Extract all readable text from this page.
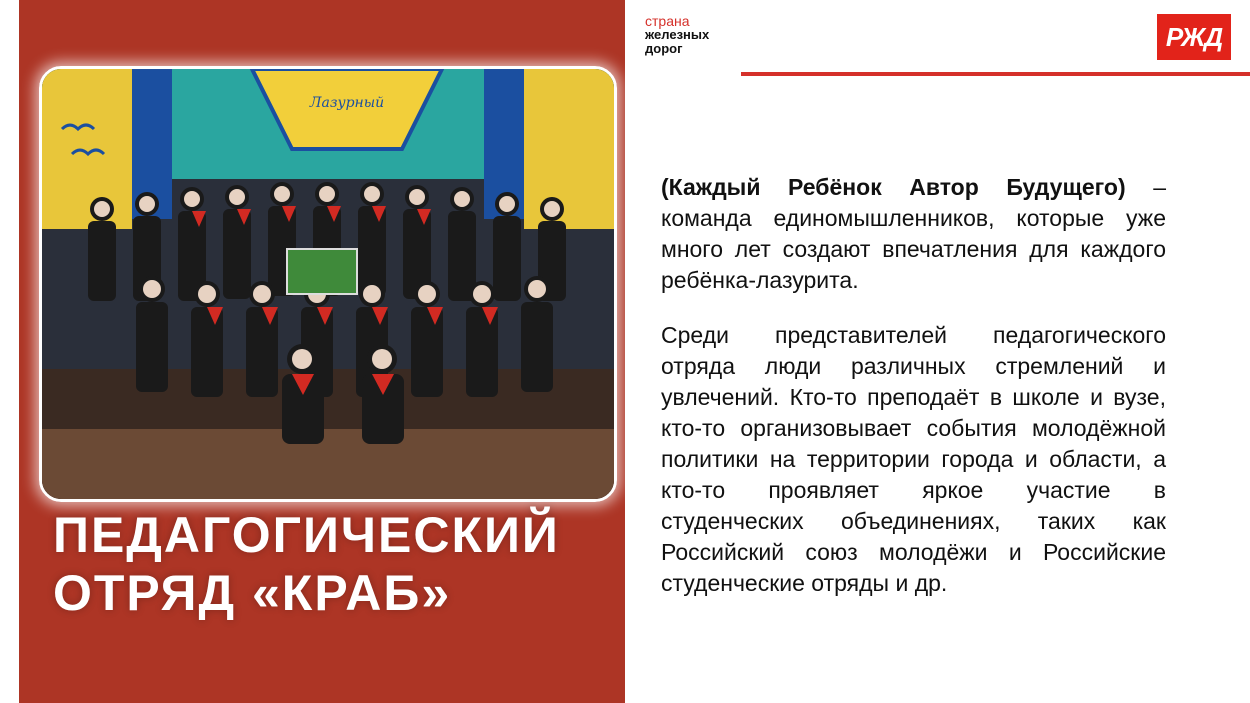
Лазурный
ПЕДАГОГИЧЕСКИЙ
ОТРЯД «КРАБ»
страна
железных
дорог	РЖД

(Каждый Ребёнок Автор Будущего) – команда единомышленников, которые уже много лет создают впечатления для каждого ребёнка-лазурита.

Среди представителей педагогического отряда люди различных стремлений и увлечений. Кто-то преподаёт в школе и вузе, кто-то организовывает события молодёжной политики на территории города и области, а кто-то проявляет яркое участие в студенческих объединениях, таких как Российский союз молодёжи и Российские студенческие отряды и др.
